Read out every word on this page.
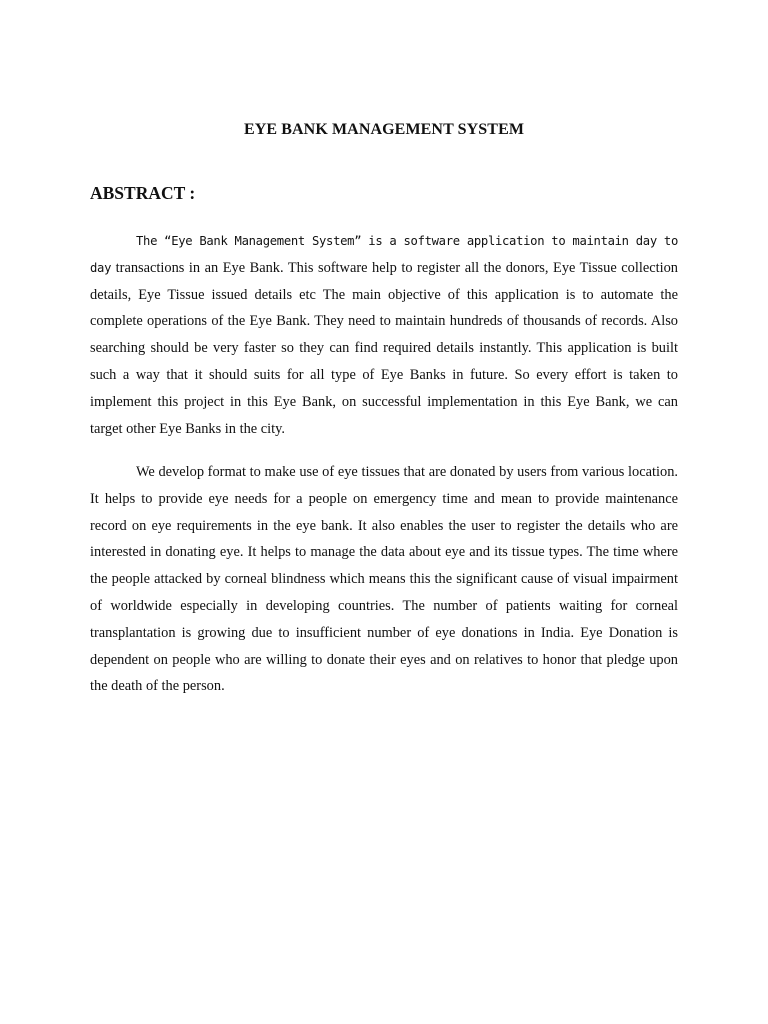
EYE BANK MANAGEMENT SYSTEM
ABSTRACT :

The “Eye Bank Management System” is a software application to maintain day to day transactions in an Eye Bank. This software help to register all the donors, Eye Tissue collection details, Eye Tissue issued details etc The main objective of this application is to automate the complete operations of the Eye Bank. They need to maintain hundreds of thousands of records. Also searching should be very faster so they can find required details instantly. This application is built such a way that it should suits for all type of Eye Banks in future. So every effort is taken to implement this project in this Eye Bank, on successful implementation in this Eye Bank, we can target other Eye Banks in the city.

We develop format to make use of eye tissues that are donated by users from various location. It helps to provide eye needs for a people on emergency time and mean to provide maintenance record on eye requirements in the eye bank. It also enables the user to register the details who are interested in donating eye. It helps to manage the data about eye and its tissue types. The time where the people attacked by corneal blindness which means this the significant cause of visual impairment of worldwide especially in developing countries. The number of patients waiting for corneal transplantation is growing due to insufficient number of eye donations in India. Eye Donation is dependent on people who are willing to donate their eyes and on relatives to honor that pledge upon the death of the person.
